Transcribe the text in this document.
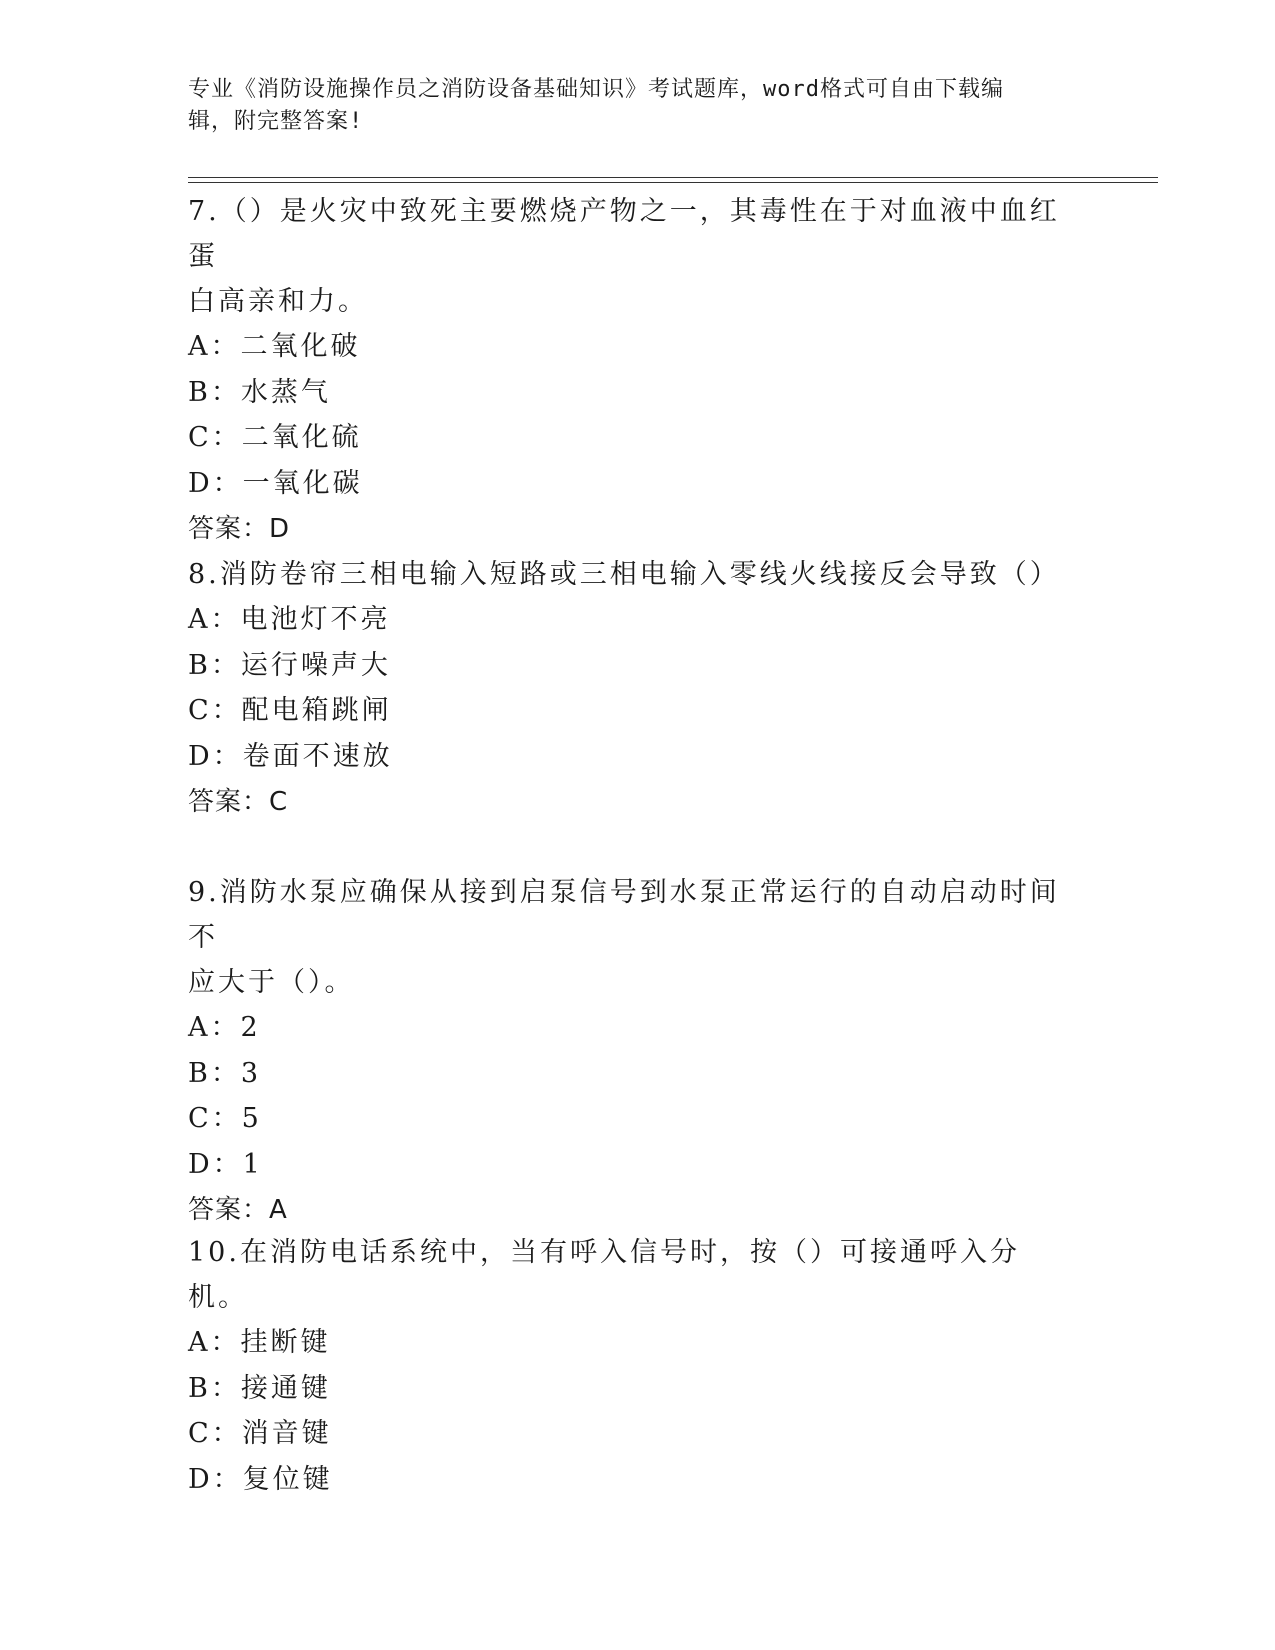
专业《消防设施操作员之消防设备基础知识》考试题库，word格式可自由下载编
辑，附完整答案!

7.（）是火灾中致死主要燃烧产物之一，其毒性在于对血液中血红蛋

白高亲和力。

A：二氧化破

B：水蒸气

C：二氧化硫

D：一氧化碳

答案：D

8.消防卷帘三相电输入短路或三相电输入零线火线接反会导致（）

A：电池灯不亮

B：运行噪声大

C：配电箱跳闸

D：卷面不速放

答案：C

9.消防水泵应确保从接到启泵信号到水泵正常运行的自动启动时间不

应大于（）。

A：2

B：3

C：5

D：1

答案：A

10.在消防电话系统中，当有呼入信号时，按（）可接通呼入分机。

A：挂断键

B：接通键

C：消音键

D：复位键
